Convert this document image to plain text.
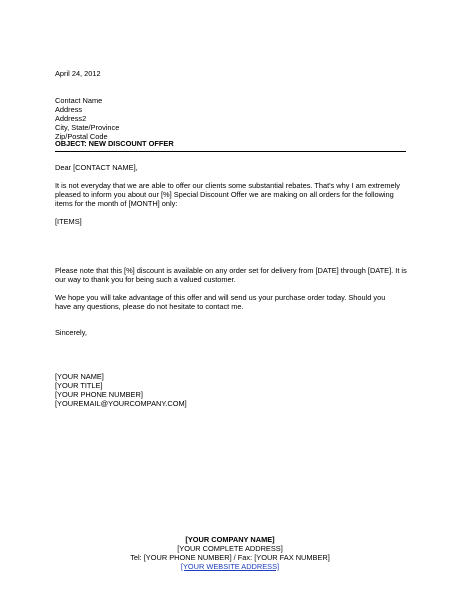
April 24, 2012
Contact Name
Address
Address2
City, State/Province
Zip/Postal Code
OBJECT: NEW DISCOUNT OFFER
Dear [CONTACT NAME],
It is not everyday that we are able to offer our clients some substantial rebates. That's why I am extremely pleased to inform you about our [%] Special Discount Offer we are making on all orders for the following items for the month of [MONTH] only:
[ITEMS]
Please note that this [%] discount is available on any order set for delivery from [DATE] through [DATE]. It is our way to thank you for being such a valued customer.
We hope you will take advantage of this offer and will send us your purchase order today. Should you have any questions, please do not hesitate to contact me.
Sincerely,
[YOUR NAME]
[YOUR TITLE]
[YOUR PHONE NUMBER]
[YOUREMAIL@YOURCOMPANY.COM]
[YOUR COMPANY NAME]
[YOUR COMPLETE ADDRESS]
Tel: [YOUR PHONE NUMBER] / Fax: [YOUR FAX NUMBER]
[YOUR WEBSITE ADDRESS]
